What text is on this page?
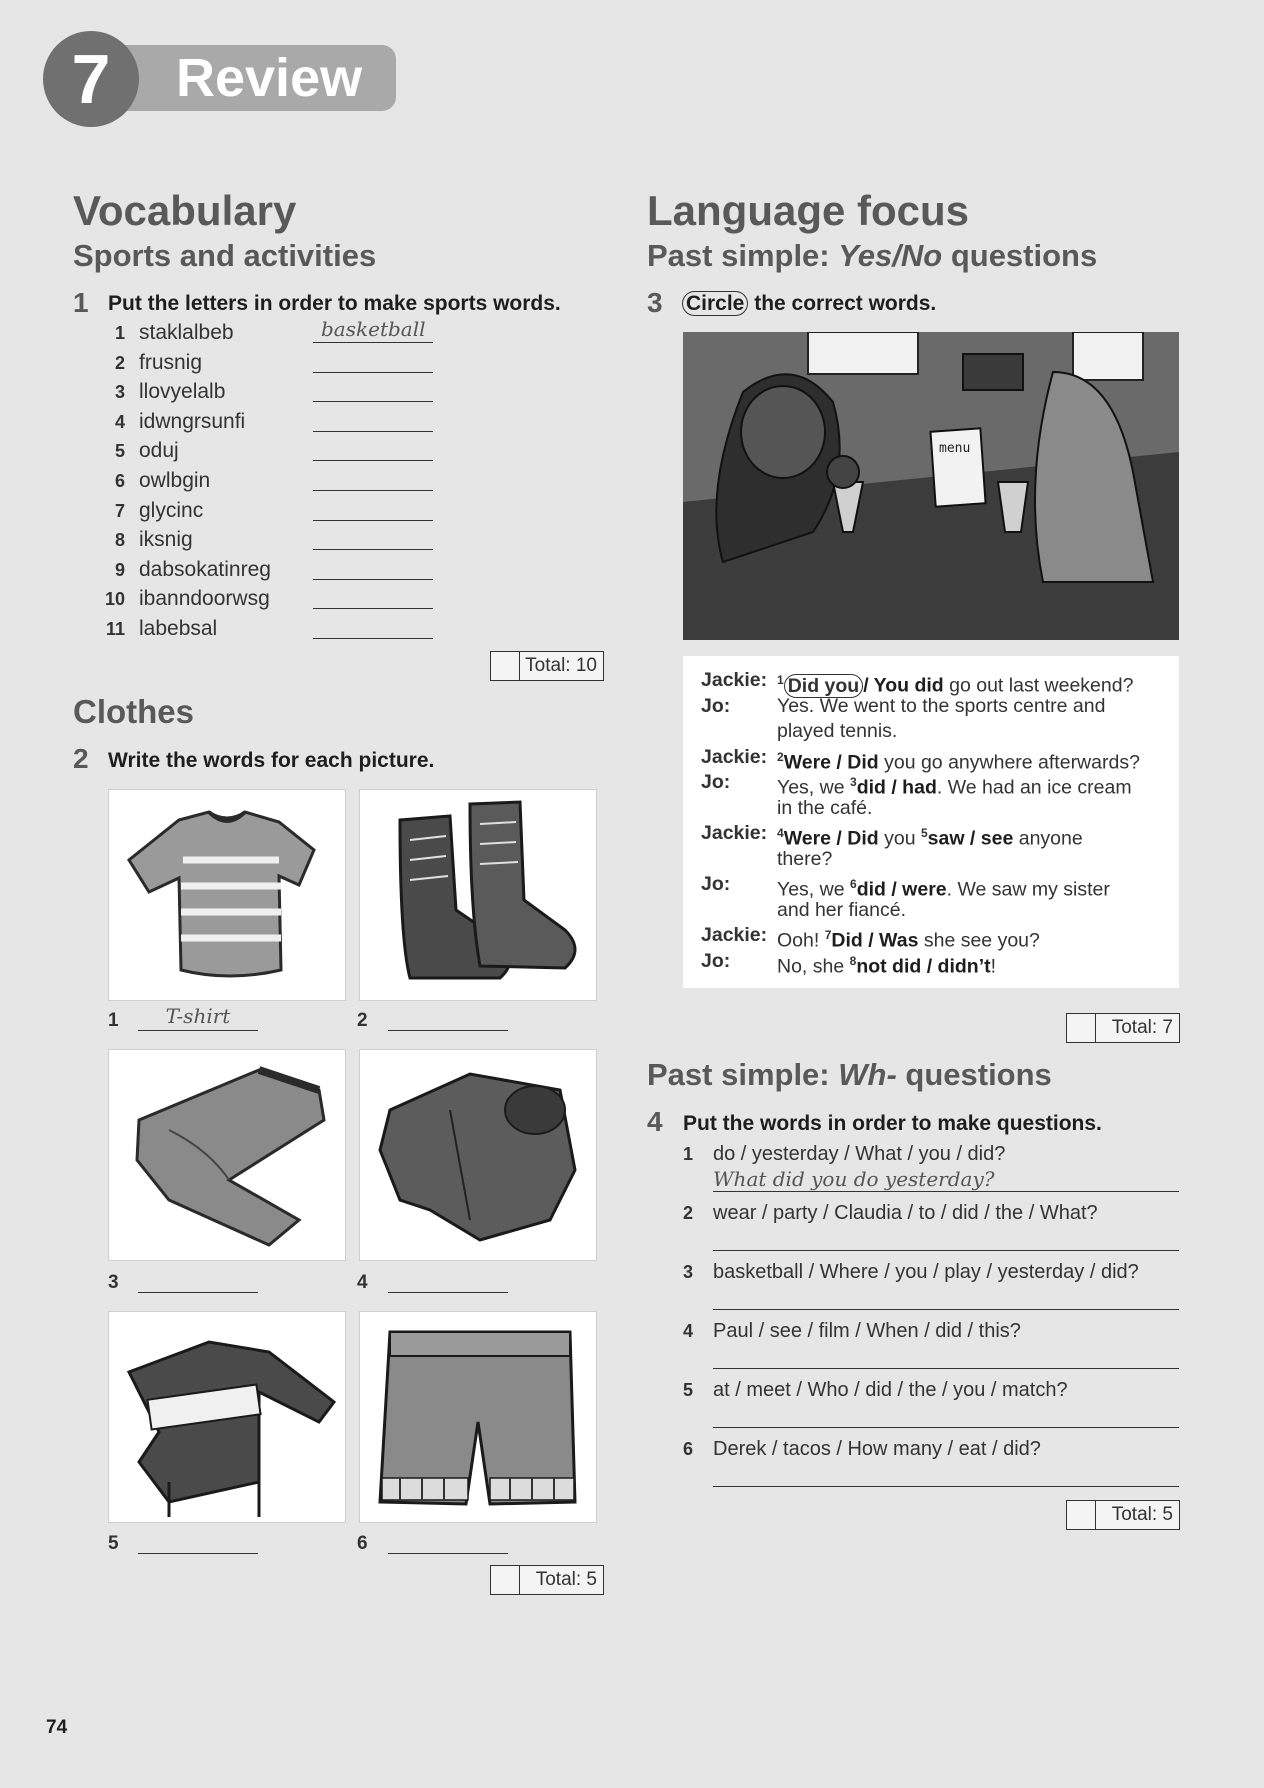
Review
7
Vocabulary
Sports and activities
1 Put the letters in order to make sports words.
1 staklalbeb	basketball
2 frusnig
3 llovyelalb
4 idwngrsunfi
5 oduj
6 owlbgin
7 glycinc
8 iksnig
9 dabsokatinreg
10 ibanndoorwsg
11 labebsal
Total: 10
Clothes
2 Write the words for each picture.
1	T-shirt	2
3	4
5	6
Total: 5
Language focus
Past simple: Yes/No questions
3 Circle the correct words.
menu
Jackie: $^1$ Did you / You did go out last weekend?
Jo: Yes. We went to the sports centre and
played tennis.
Jackie: $^2$Were / Did you go anywhere afterwards?
Jo: Yes, we $^3$did / had. We had an ice cream
in the café.
Jackie: $^4$Were / Did you $^5$saw / see anyone
there?
Jo: Yes, we $^6$did / were. We saw my sister
and her fiancé.
Jackie: Ooh! $^7$Did / Was she see you?
Jo: No, she $^8$not did / didn’t!
Total: 7
Past simple: Wh- questions
4 Put the words in order to make questions.
1 do / yesterday / What / you / did?
What did you do yesterday?
2 wear / party / Claudia / to / did / the / What?
3 basketball / Where / you / play / yesterday / did?
4 Paul / see / film / When / did / this?
5 at / meet / Who / did / the / you / match?
6 Derek / tacos / How many / eat / did?
Total: 5
74
